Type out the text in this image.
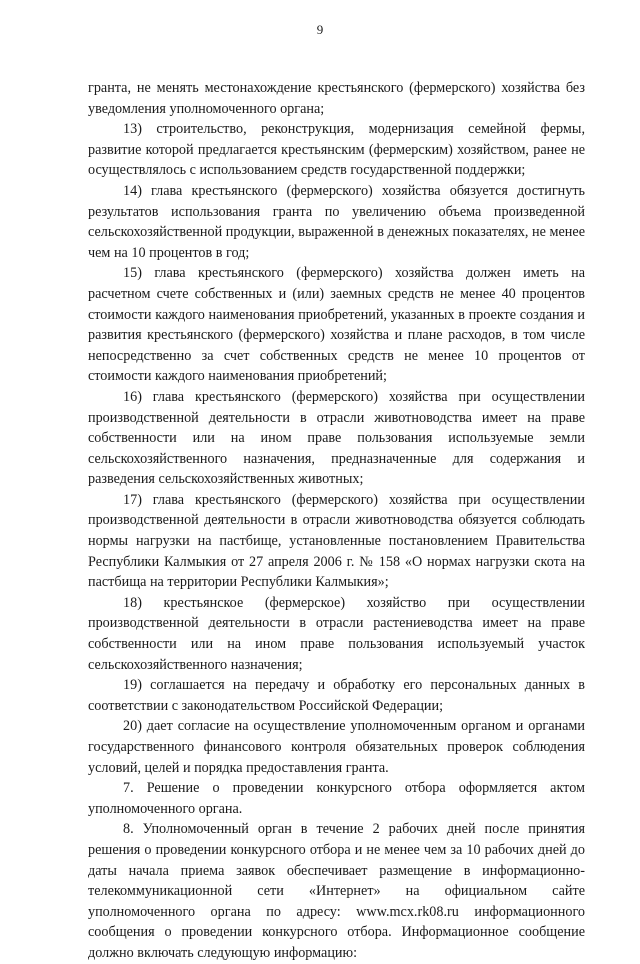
9

гранта, не менять местонахождение крестьянского (фермерского) хозяйства без уведомления уполномоченного органа;

13) строительство, реконструкция, модернизация семейной фермы, развитие которой предлагается крестьянским (фермерским) хозяйством, ранее не осуществлялось с использованием средств государственной поддержки;

14) глава крестьянского (фермерского) хозяйства обязуется достигнуть результатов использования гранта по увеличению объема произведенной сельскохозяйственной продукции, выраженной в денежных показателях, не менее чем на 10 процентов в год;

15) глава крестьянского (фермерского) хозяйства должен иметь на расчетном счете собственных и (или) заемных средств не менее 40 процентов стоимости каждого наименования приобретений, указанных в проекте создания и развития крестьянского (фермерского) хозяйства и плане расходов, в том числе непосредственно за счет собственных средств не менее 10 процентов от стоимости каждого наименования приобретений;

16) глава крестьянского (фермерского) хозяйства при осуществлении производственной деятельности в отрасли животноводства имеет на праве собственности или на ином праве пользования используемые земли сельскохозяйственного назначения, предназначенные для содержания и разведения сельскохозяйственных животных;

17) глава крестьянского (фермерского) хозяйства при осуществлении производственной деятельности в отрасли животноводства обязуется соблюдать нормы нагрузки на пастбище, установленные постановлением Правительства Республики Калмыкия от 27 апреля 2006 г. № 158 «О нормах нагрузки скота на пастбища на территории Республики Калмыкия»;

18) крестьянское (фермерское) хозяйство при осуществлении производственной деятельности в отрасли растениеводства имеет на праве собственности или на ином праве пользования используемый участок сельскохозяйственного назначения;

19) соглашается на передачу и обработку его персональных данных в соответствии с законодательством Российской Федерации;

20) дает согласие на осуществление уполномоченным органом и органами государственного финансового контроля обязательных проверок соблюдения условий, целей и порядка предоставления гранта.

7. Решение о проведении конкурсного отбора оформляется актом уполномоченного органа.

8. Уполномоченный орган в течение 2 рабочих дней после принятия решения о проведении конкурсного отбора и не менее чем за 10 рабочих дней до даты начала приема заявок обеспечивает размещение в информационно-телекоммуникационной сети «Интернет» на официальном сайте уполномоченного органа по адресу: www.mcx.rk08.ru информационного сообщения о проведении конкурсного отбора. Информационное сообщение должно включать следующую информацию:
